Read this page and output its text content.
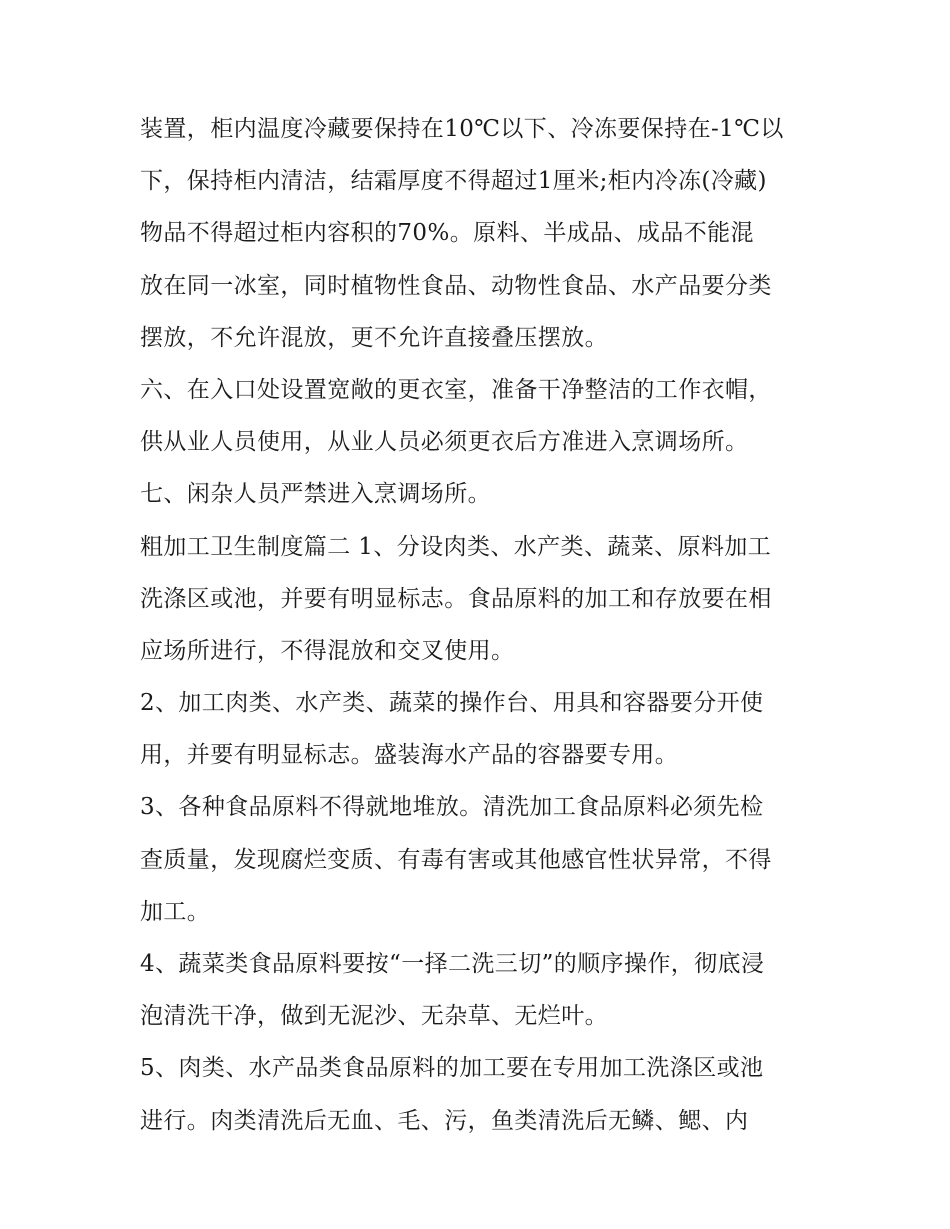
装置，柜内温度冷藏要保持在10℃以下、冷冻要保持在-1℃以
下，保持柜内清洁，结霜厚度不得超过1厘米;柜内冷冻(冷藏)
物品不得超过柜内容积的70%。原料、半成品、成品不能混
放在同一冰室，同时植物性食品、动物性食品、水产品要分类
摆放，不允许混放，更不允许直接叠压摆放。
六、在入口处设置宽敞的更衣室，准备干净整洁的工作衣帽，
供从业人员使用，从业人员必须更衣后方准进入烹调场所。
七、闲杂人员严禁进入烹调场所。
粗加工卫生制度篇二 1、分设肉类、水产类、蔬菜、原料加工
洗涤区或池，并要有明显标志。食品原料的加工和存放要在相
应场所进行，不得混放和交叉使用。
2、加工肉类、水产类、蔬菜的操作台、用具和容器要分开使
用，并要有明显标志。盛装海水产品的容器要专用。
3、各种食品原料不得就地堆放。清洗加工食品原料必须先检
查质量，发现腐烂变质、有毒有害或其他感官性状异常，不得
加工。
4、蔬菜类食品原料要按“一择二洗三切”的顺序操作，彻底浸
泡清洗干净，做到无泥沙、无杂草、无烂叶。
5、肉类、水产品类食品原料的加工要在专用加工洗涤区或池
进行。肉类清洗后无血、毛、污，鱼类清洗后无鳞、鳃、内
